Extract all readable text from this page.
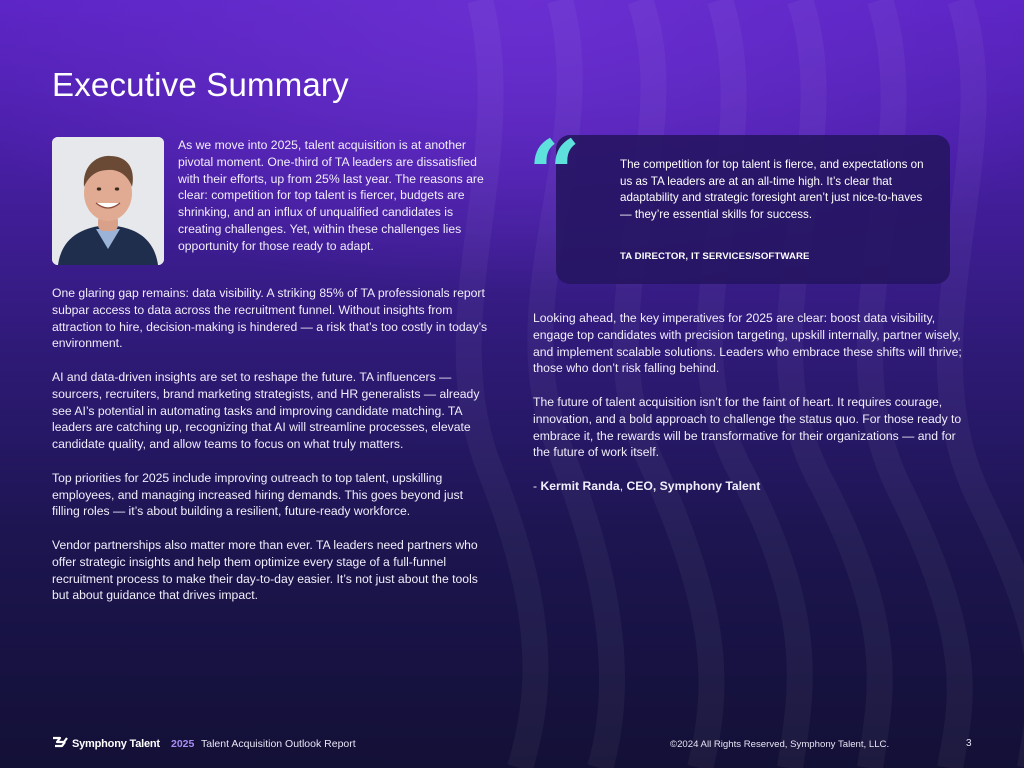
Executive Summary
As we move into 2025, talent acquisition is at another pivotal moment. One-third of TA leaders are dissatisfied with their efforts, up from 25% last year. The reasons are clear: competition for top talent is fiercer, budgets are shrinking, and an influx of unqualified candidates is creating challenges. Yet, within these challenges lies opportunity for those ready to adapt.

One glaring gap remains: data visibility. A striking 85% of TA professionals report subpar access to data across the recruitment funnel. Without insights from attraction to hire, decision-making is hindered — a risk that’s too costly in today’s environment.

AI and data-driven insights are set to reshape the future. TA influencers — sourcers, recruiters, brand marketing strategists, and HR generalists — already see AI’s potential in automating tasks and improving candidate matching. TA leaders are catching up, recognizing that AI will streamline processes, elevate candidate quality, and allow teams to focus on what truly matters.

Top priorities for 2025 include improving outreach to top talent, upskilling employees, and managing increased hiring demands. This goes beyond just filling roles — it’s about building a resilient, future-ready workforce.

Vendor partnerships also matter more than ever. TA leaders need partners who offer strategic insights and help them optimize every stage of a full-funnel recruitment process to make their day-to-day easier. It’s not just about the tools but about guidance that drives impact.

“	The competition for top talent is fierce, and expectations on us as TA leaders are at an all-time high. It’s clear that adaptability and strategic foresight aren’t just nice-to-haves — they’re essential skills for success.
TA DIRECTOR, IT SERVICES/SOFTWARE

Looking ahead, the key imperatives for 2025 are clear: boost data visibility, engage top candidates with precision targeting, upskill internally, partner wisely, and implement scalable solutions. Leaders who embrace these shifts will thrive; those who don’t risk falling behind.

The future of talent acquisition isn’t for the faint of heart. It requires courage, innovation, and a bold approach to challenge the status quo. For those ready to embrace it, the rewards will be transformative for their organizations — and for the future of work itself.

- Kermit Randa, CEO, Symphony Talent

Symphony Talent 2025 Talent Acquisition Outlook Report	©2024 All Rights Reserved, Symphony Talent, LLC.	3
